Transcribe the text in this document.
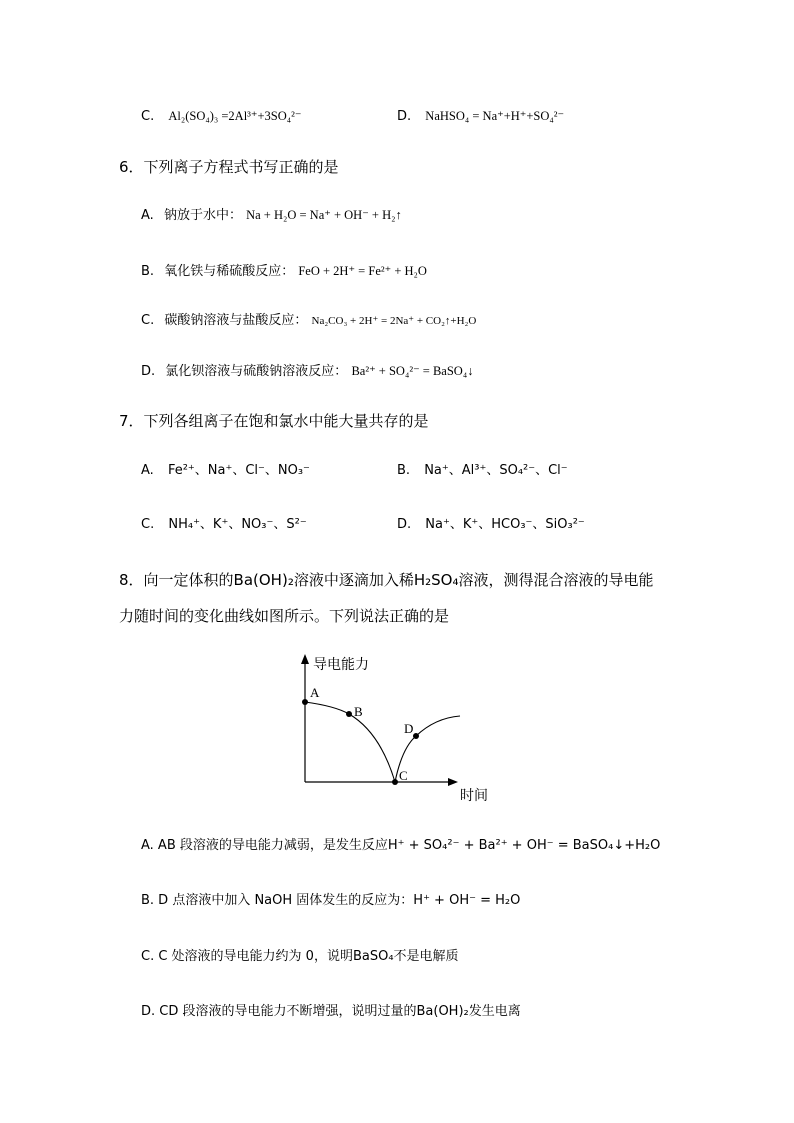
C. Al₂(SO₄)₃ =2Al³⁺+3SO₄²⁻	D. NaHSO₄ = Na⁺+H⁺+SO₄²⁻
6．下列离子方程式书写正确的是
A. 钠放于水中： Na + H₂O = Na⁺ + OH⁻ + H₂↑
B. 氧化铁与稀硫酸反应： FeO + 2H⁺ = Fe²⁺ + H₂O
C. 碳酸钠溶液与盐酸反应： Na₂CO₃ + 2H⁺ = 2Na⁺ + CO₂↑+H₂O
D. 氯化钡溶液与硫酸钠溶液反应： Ba²⁺ + SO₄²⁻ = BaSO₄↓
7．下列各组离子在饱和氯水中能大量共存的是
A. Fe²⁺、Na⁺、Cl⁻、NO₃⁻	B. Na⁺、Al³⁺、SO₄²⁻、Cl⁻
C. NH₄⁺、K⁺、NO₃⁻、S²⁻	D. Na⁺、K⁺、HCO₃⁻、SiO₃²⁻
8．向一定体积的Ba(OH)₂溶液中逐滴加入稀H₂SO₄溶液，测得混合溶液的导电能
力随时间的变化曲线如图所示。下列说法正确的是
导电能力
时间
A
B
C
D
A. AB 段溶液的导电能力减弱，是发生反应H⁺ + SO₄²⁻ + Ba²⁺ + OH⁻ = BaSO₄↓+H₂O
B. D 点溶液中加入 NaOH 固体发生的反应为：H⁺ + OH⁻ = H₂O
C. C 处溶液的导电能力约为 0，说明BaSO₄不是电解质
D. CD 段溶液的导电能力不断增强，说明过量的Ba(OH)₂发生电离
